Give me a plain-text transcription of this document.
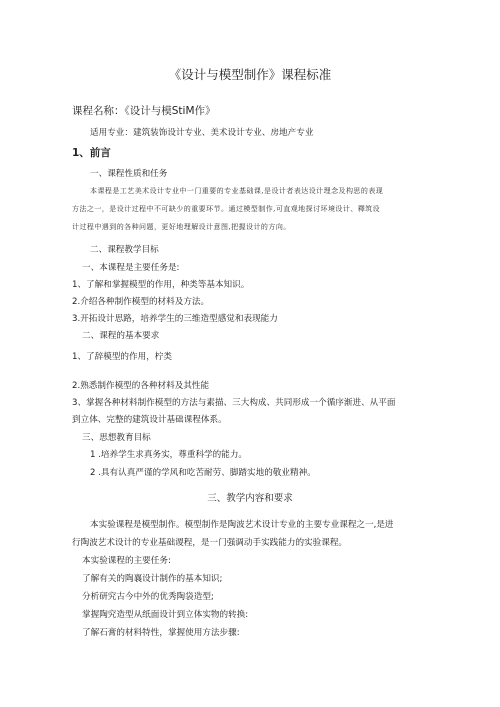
《设计与模型制作》课程标准
课程名称：《设计与模StiM作》
适用专业：建筑装饰设计专业、美术设计专业、房地产专业
1、前言
一、课程性质和任务
本课程是工艺美术设计专业中一门重要的专业基础课,是设计者表达设计理念及构思的表现
方法之一，是设计过程中不可缺少的重要环节。通过模型制作,可直观地探讨环境设计、釋筑设
计过程中遇到的各种问题，更好地理解设计意图,把握设计的方向。
二、课程教学目标
一、本课程是主要任务是:
1、了解和掌握模型的作用，种类等基本知识。
2.介绍各种制作模型的材料及方法。
3.开拓设计思路，培养学生的三维造型感觉和表现能力
二、课程的基本要求
1、了辞模型的作用，柠类
2.熟悉制作模型的各种材料及其性能
3、掌握各种材料制作模型的方法与素描、三大构成、共同形成一个循序渐进、从平面
到立体、完整的建筑设计基础课程体系。
三、思想教育目标
1 .培养学生求真务实，尊重科学的能力。
2 .具有认真严谨的学风和吃苦耐劳、脚踏实地的敬业精神。
三、教学内容和要求
本实验课程是模型制作。模型制作是陶波艺术设计专业的主要专业课程之一,是进
行陶波艺术设计的专业基础谡程，是一门强调动手实践能力的实验课程。
本实验课程的主要任务:
了解有关的陶襄设计制作的基本知识;
分析研究古今中外的优秀陶袋造型;
掌握陶究造型从纸面设计到立体实物的转换:
了解石膏的材料特性，掌握使用方法步骤:
